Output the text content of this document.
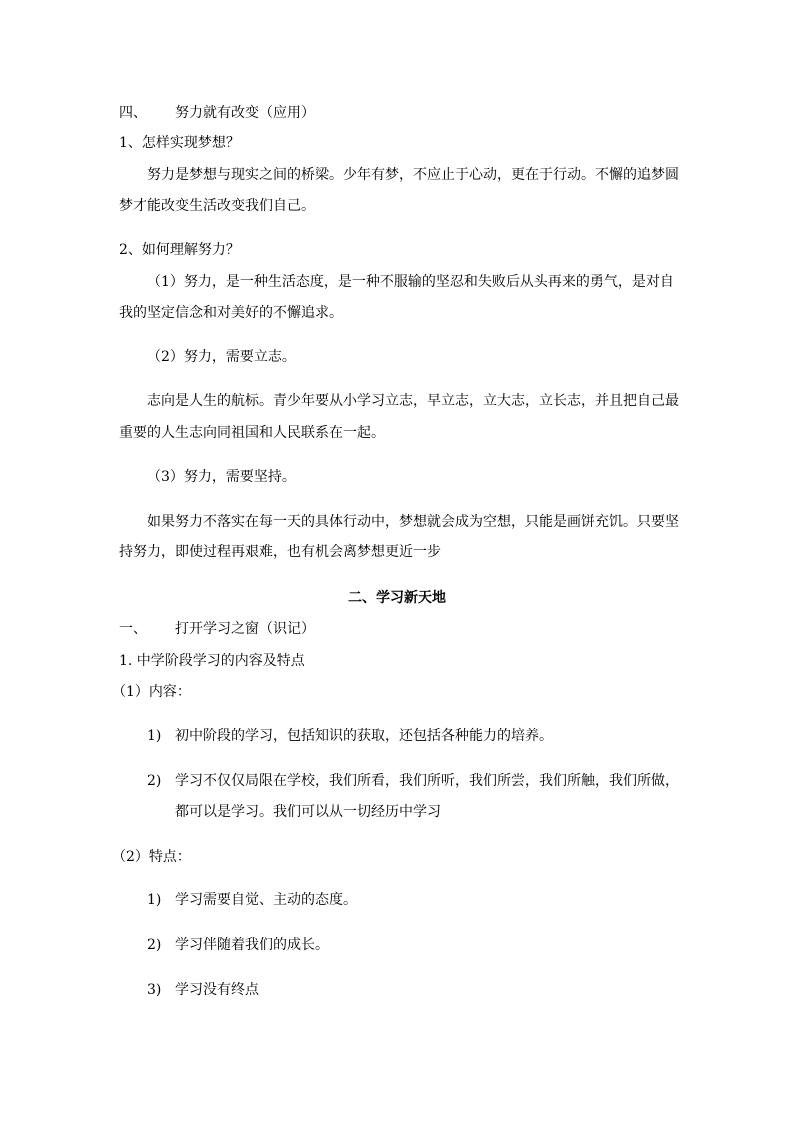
四、 努力就有改变（应用）
1、怎样实现梦想？
努力是梦想与现实之间的桥梁。少年有梦，不应止于心动，更在于行动。不懈的追梦圆
梦才能改变生活改变我们自己。
2、如何理解努力？
（1）努力，是一种生活态度，是一种不服输的坚忍和失败后从头再来的勇气，是对自
我的坚定信念和对美好的不懈追求。
（2）努力，需要立志。
志向是人生的航标。青少年要从小学习立志，早立志，立大志，立长志，并且把自己最
重要的人生志向同祖国和人民联系在一起。
（3）努力，需要坚持。
如果努力不落实在每一天的具体行动中，梦想就会成为空想，只能是画饼充饥。只要坚
持努力，即使过程再艰难，也有机会离梦想更近一步
二、学习新天地
一、 打开学习之窗（识记）
1. 中学阶段学习的内容及特点
（1）内容：
1) 初中阶段的学习，包括知识的获取，还包括各种能力的培养。
2) 学习不仅仅局限在学校，我们所看，我们所听，我们所尝，我们所触，我们所做，
都可以是学习。我们可以从一切经历中学习
（2）特点：
1) 学习需要自觉、主动的态度。
2) 学习伴随着我们的成长。
3) 学习没有终点
